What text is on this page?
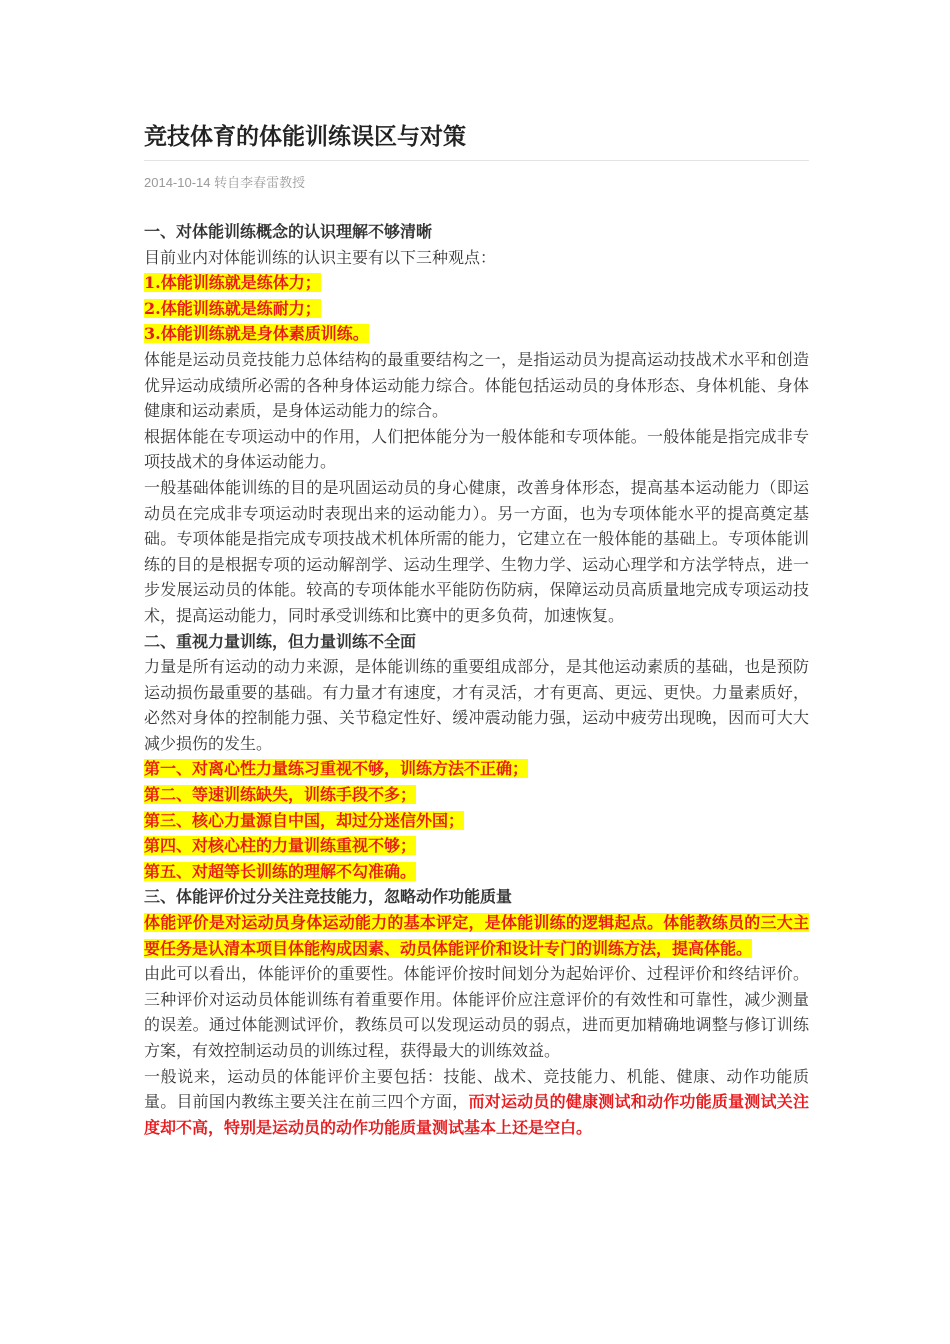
竞技体育的体能训练误区与对策
2014-10-14 转自李春雷教授

一、对体能训练概念的认识理解不够清晰

目前业内对体能训练的认识主要有以下三种观点：

1.体能训练就是练体力；

2.体能训练就是练耐力；

3.体能训练就是身体素质训练。

体能是运动员竞技能力总体结构的最重要结构之一，是指运动员为提高运动技战术水平和创造优异运动成绩所必需的各种身体运动能力综合。体能包括运动员的身体形态、身体机能、身体健康和运动素质，是身体运动能力的综合。

根据体能在专项运动中的作用，人们把体能分为一般体能和专项体能。一般体能是指完成非专项技战术的身体运动能力。

一般基础体能训练的目的是巩固运动员的身心健康，改善身体形态，提高基本运动能力（即运动员在完成非专项运动时表现出来的运动能力）。另一方面，也为专项体能水平的提高奠定基础。专项体能是指完成专项技战术机体所需的能力，它建立在一般体能的基础上。专项体能训练的目的是根据专项的运动解剖学、运动生理学、生物力学、运动心理学和方法学特点，进一步发展运动员的体能。较高的专项体能水平能防伤防病，保障运动员高质量地完成专项运动技术，提高运动能力，同时承受训练和比赛中的更多负荷，加速恢复。

二、重视力量训练，但力量训练不全面

力量是所有运动的动力来源，是体能训练的重要组成部分，是其他运动素质的基础，也是预防运动损伤最重要的基础。有力量才有速度，才有灵活，才有更高、更远、更快。力量素质好，必然对身体的控制能力强、关节稳定性好、缓冲震动能力强，运动中疲劳出现晚，因而可大大减少损伤的发生。

第一、对离心性力量练习重视不够，训练方法不正确；

第二、等速训练缺失，训练手段不多；

第三、核心力量源自中国，却过分迷信外国；

第四、对核心柱的力量训练重视不够；

第五、对超等长训练的理解不勾准确。

三、体能评价过分关注竞技能力，忽略动作功能质量

体能评价是对运动员身体运动能力的基本评定，是体能训练的逻辑起点。体能教练员的三大主要任务是认清本项目体能构成因素、动员体能评价和设计专门的训练方法，提高体能。

由此可以看出，体能评价的重要性。体能评价按时间划分为起始评价、过程评价和终结评价。三种评价对运动员体能训练有着重要作用。体能评价应注意评价的有效性和可靠性，减少测量的误差。通过体能测试评价，教练员可以发现运动员的弱点，进而更加精确地调整与修订训练方案，有效控制运动员的训练过程，获得最大的训练效益。

一般说来，运动员的体能评价主要包括：技能、战术、竞技能力、机能、健康、动作功能质量。目前国内教练主要关注在前三四个方面，而对运动员的健康测试和动作功能质量测试关注度却不高，特别是运动员的动作功能质量测试基本上还是空白。
